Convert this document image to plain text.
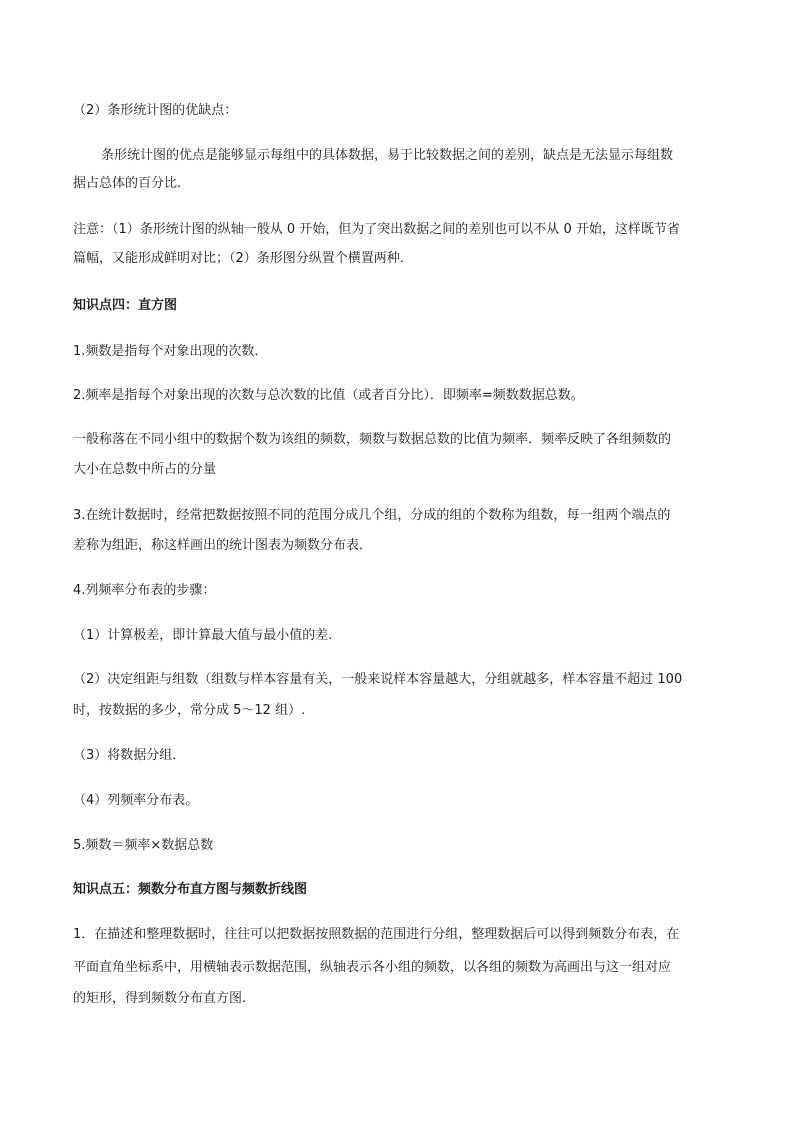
（2）条形统计图的优缺点：
条形统计图的优点是能够显示每组中的具体数据，易于比较数据之间的差别，缺点是无法显示每组数
据占总体的百分比.
注意：（1）条形统计图的纵轴一般从 0 开始，但为了突出数据之间的差别也可以不从 0 开始，这样既节省
篇幅，又能形成鲜明对比；（2）条形图分纵置个横置两种.
知识点四：直方图
1.频数是指每个对象出现的次数．
2.频率是指每个对象出现的次数与总次数的比值（或者百分比）．即频率=频数数据总数。
一般称落在不同小组中的数据个数为该组的频数，频数与数据总数的比值为频率．频率反映了各组频数的
大小在总数中所占的分量
3.在统计数据时，经常把数据按照不同的范围分成几个组，分成的组的个数称为组数，每一组两个端点的
差称为组距，称这样画出的统计图表为频数分布表．
4.列频率分布表的步骤：
（1）计算极差，即计算最大值与最小值的差．
（2）决定组距与组数（组数与样本容量有关，一般来说样本容量越大，分组就越多，样本容量不超过 100
时，按数据的多少，常分成 5～12 组）.
（3）将数据分组．
（4）列频率分布表。
5.频数＝频率×数据总数
知识点五：频数分布直方图与频数折线图
1．在描述和整理数据时，往往可以把数据按照数据的范围进行分组，整理数据后可以得到频数分布表，在
平面直角坐标系中，用横轴表示数据范围，纵轴表示各小组的频数，以各组的频数为高画出与这一组对应
的矩形，得到频数分布直方图.
